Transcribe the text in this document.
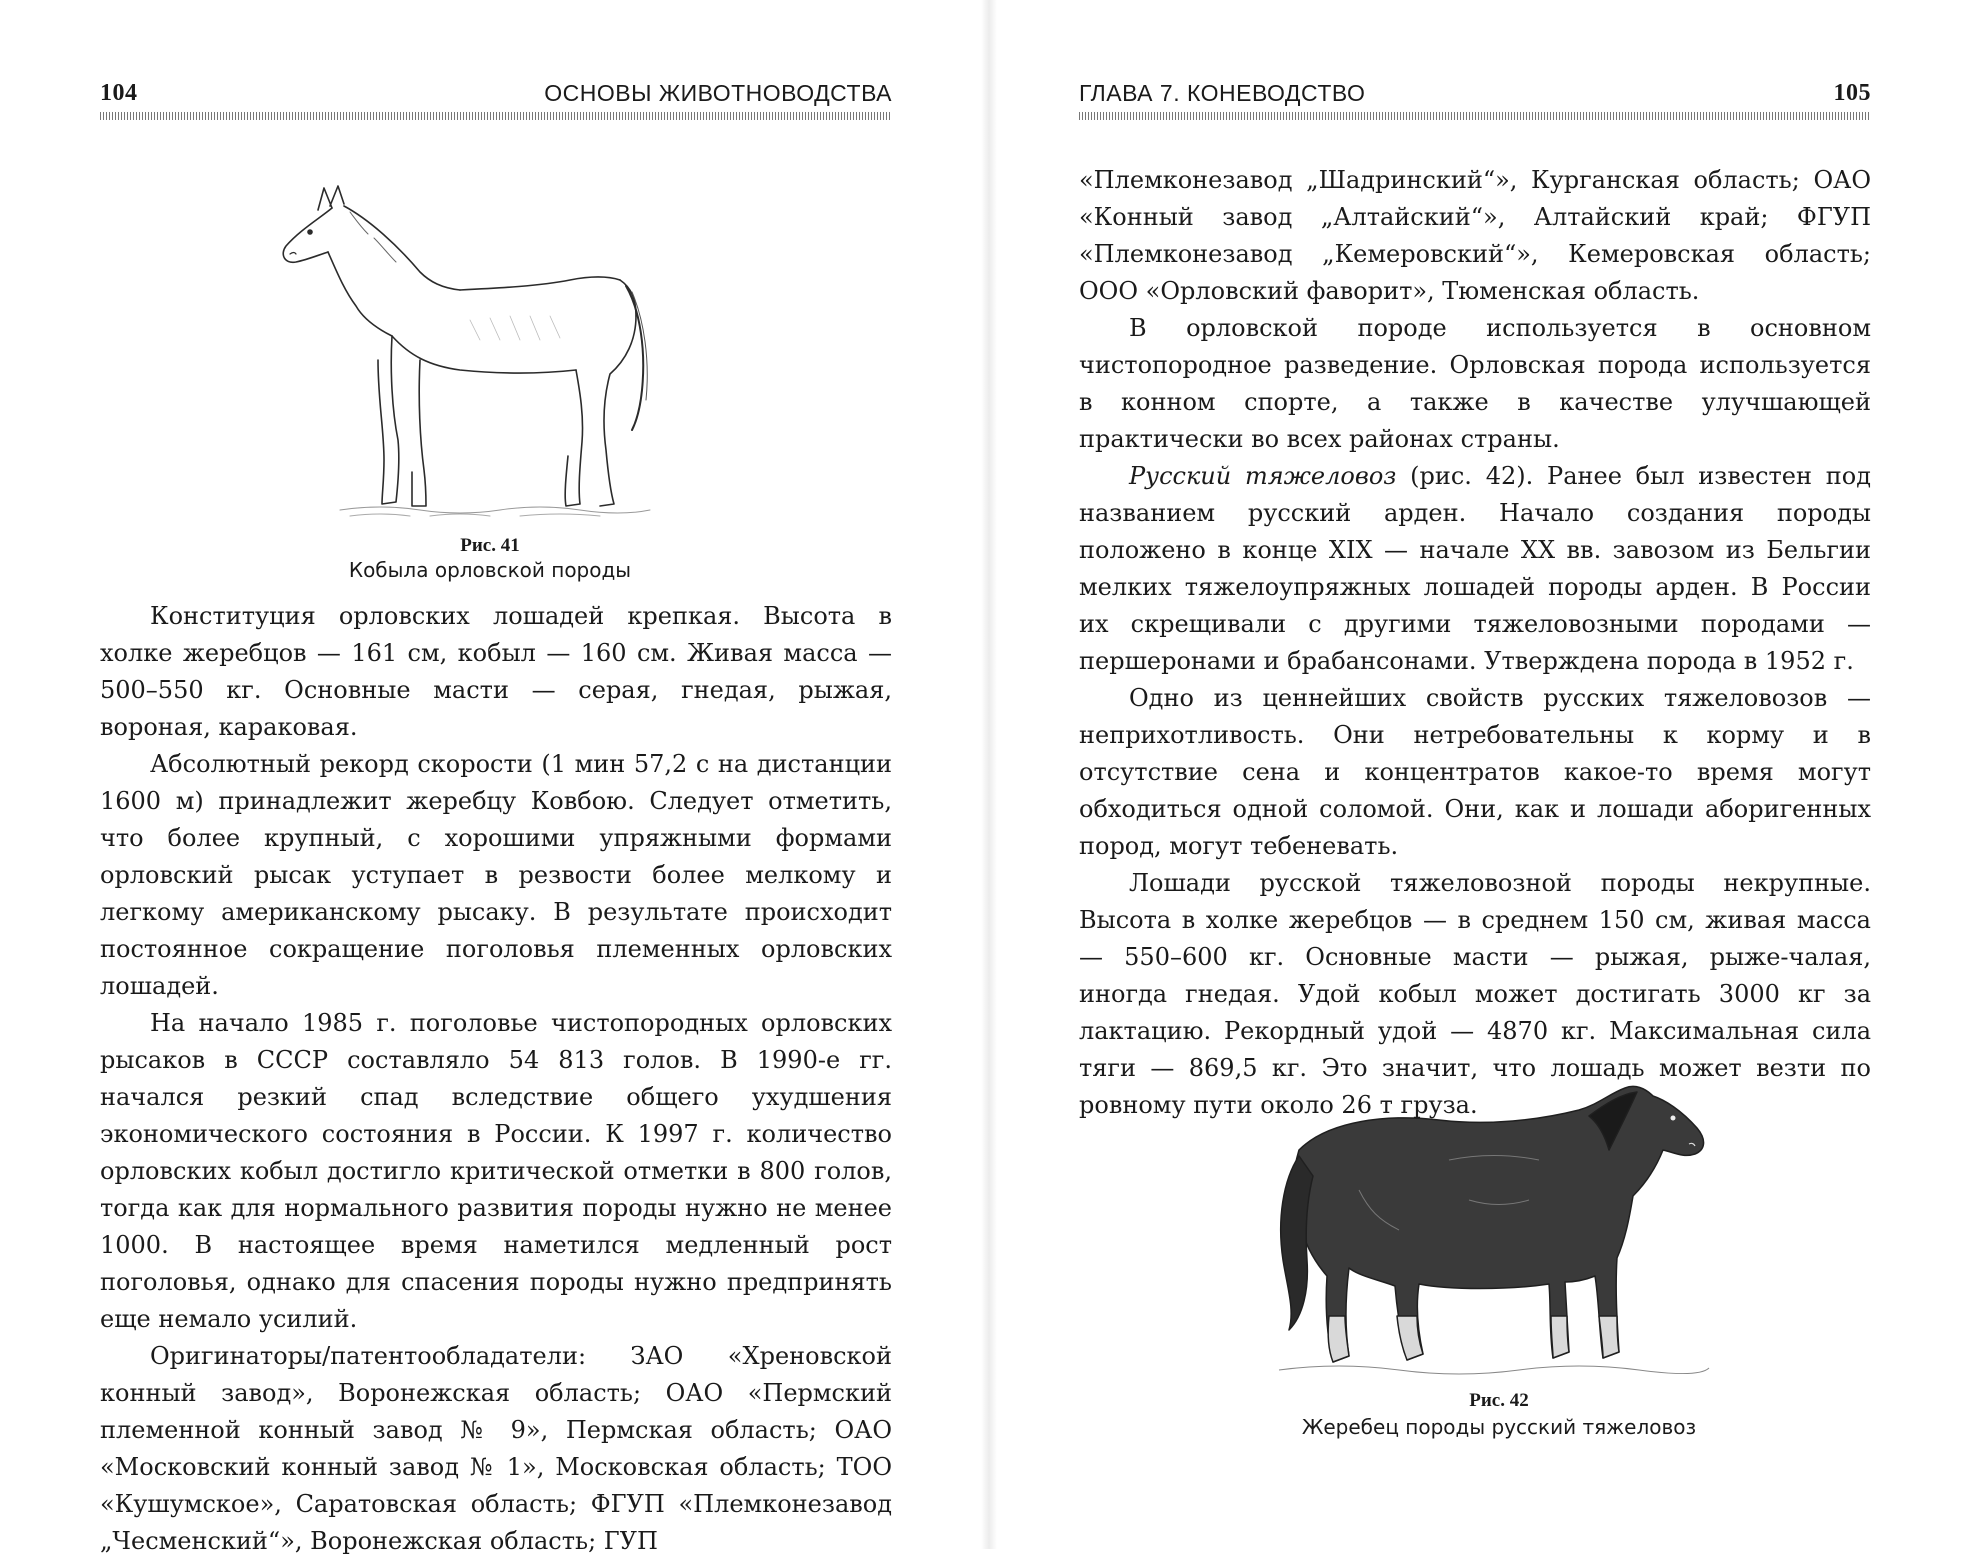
104	ОСНОВЫ ЖИВОТНОВОДСТВА
Рис. 41
Кобыла орловской породы

Конституция орловских лошадей крепкая. Высота в холке жеребцов — 161 см, кобыл — 160 см. Живая масса — 500–550 кг. Основные масти — серая, гнедая, рыжая, вороная, караковая.

Абсолютный рекорд скорости (1 мин 57,2 с на дистанции 1600 м) принадлежит жеребцу Ковбою. Следует отметить, что более крупный, с хорошими упряжными формами орловский рысак уступает в резвости более мелкому и легкому американскому рысаку. В результате происходит постоянное сокращение поголовья племенных орловских лошадей.

На начало 1985 г. поголовье чистопородных орловских рысаков в СССР составляло 54 813 голов. В 1990-е гг. начался резкий спад вследствие общего ухудшения экономического состояния в России. К 1997 г. количество орловских кобыл достигло критической отметки в 800 голов, тогда как для нормального развития породы нужно не менее 1000. В настоящее время наметился медленный рост поголовья, однако для спасения породы нужно предпринять еще немало усилий.

Оригинаторы/патентообладатели: ЗАО «Хреновской конный завод», Воронежская область; ОАО «Пермский племенной конный завод № 9», Пермская область; ОАО «Московский конный завод № 1», Московская область; ТОО «Кушумское», Саратовская область; ФГУП «Племконезавод „Чесменский“», Воронежская область; ГУП

ГЛАВА 7. КОНЕВОДСТВО	105

«Племконезавод „Шадринский“», Курганская область; ОАО «Конный завод „Алтайский“», Алтайский край; ФГУП «Племконезавод „Кемеровский“», Кемеровская область; ООО «Орловский фаворит», Тюменская область.

В орловской породе используется в основном чистопородное разведение. Орловская порода используется в конном спорте, а также в качестве улучшающей практически во всех районах страны.

Русский тяжеловоз (рис. 42). Ранее был известен под названием русский арден. Начало создания породы положено в конце XIX — начале XX вв. завозом из Бельгии мелких тяжелоупряжных лошадей породы арден. В России их скрещивали с другими тяжеловозными породами — першеронами и брабансонами. Утверждена порода в 1952 г.

Одно из ценнейших свойств русских тяжеловозов — неприхотливость. Они нетребовательны к корму и в отсутствие сена и концентратов какое-то время могут обходиться одной соломой. Они, как и лошади аборигенных пород, могут тебеневать.

Лошади русской тяжеловозной породы некрупные. Высота в холке жеребцов — в среднем 150 см, живая масса — 550–600 кг. Основные масти — рыжая, рыже-чалая, иногда гнедая. Удой кобыл может достигать 3000 кг за лактацию. Рекордный удой — 4870 кг. Максимальная сила тяги — 869,5 кг. Это значит, что лошадь может везти по ровному пути около 26 т груза.

Рис. 42
Жеребец породы русский тяжеловоз
